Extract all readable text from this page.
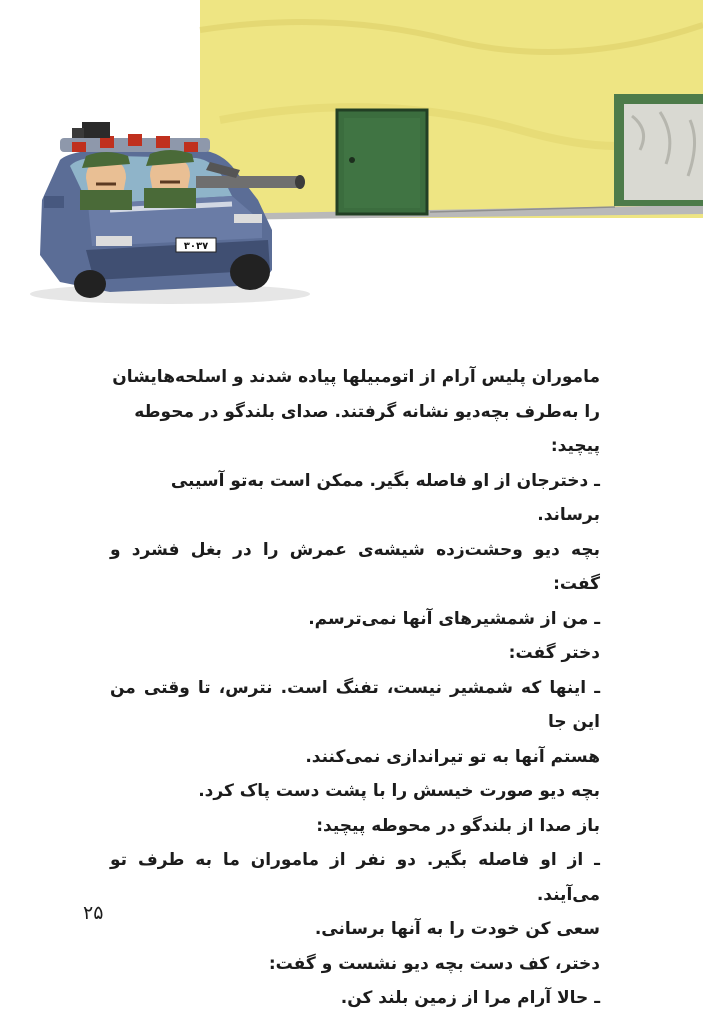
٣٠٣٧

ماموران پلیس آرام از اتومبیلها پیاده شدند و اسلحه‌هایشان

را به‌طرف بچه‌دیو نشانه گرفتند. صدای بلندگو در محوطه

پیچید:

ـ دخترجان از او فاصله بگیر. ممکن است به‌تو آسیبی

برساند.

بچه دیو وحشت‌زده شیشه‌ی عمرش را در بغل فشرد و گفت:

ـ من از شمشیرهای آنها نمی‌ترسم.

دختر گفت:

ـ اینها که شمشیر نیست، تفنگ است. نترس، تا وقتی من این جا

هستم آنها به تو تیراندازی نمی‌کنند.

بچه دیو صورت خیسش را با پشت دست پاک کرد.

باز صدا از بلندگو در محوطه پیچید:

ـ از او فاصله بگیر. دو نفر از ماموران ما به طرف تو می‌آیند.

سعی کن خودت را به آنها برسانی.

دختر، کف دست بچه دیو نشست و گفت:

ـ حالا آرام مرا از زمین بلند کن.

۲۵
